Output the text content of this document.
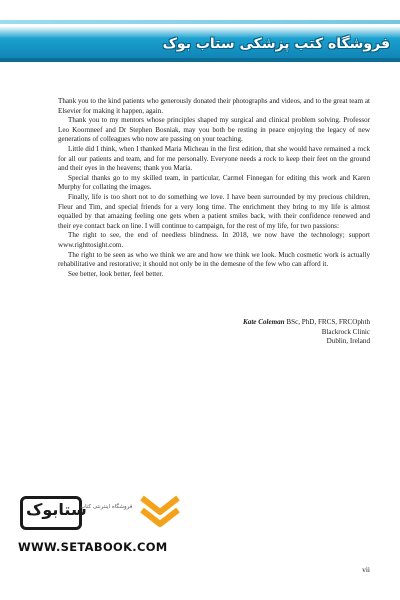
فروشگاه کتب پزشکی ستاب بوک

Thank you to the kind patients who generously donated their photographs and videos, and to the great team at Elsevier for making it happen, again.

Thank you to my mentors whose principles shaped my surgical and clinical problem solving. Professor Leo Koornneef and Dr Stephen Bosniak, may you both be resting in peace enjoying the legacy of new generations of colleagues who now are passing on your teaching.

Little did I think, when I thanked Maria Micheau in the first edition, that she would have remained a rock for all our patients and team, and for me personally. Everyone needs a rock to keep their feet on the ground and their eyes in the heavens; thank you Maria.

Special thanks go to my skilled team, in particular, Carmel Finnegan for editing this work and Karen Murphy for collating the images.

Finally, life is too short not to do something we love. I have been surrounded by my precious children, Fleur and Tim, and special friends for a very long time. The enrichment they bring to my life is almost equalled by that amazing feeling one gets when a patient smiles back, with their confidence renewed and their eye contact back on line. I will continue to campaign, for the rest of my life, for two passions:

The right to see, the end of needless blindness. In 2018, we now have the technology; support www.righttosight.com.

The right to be seen as who we think we are and how we think we look. Much cosmetic work is actually rehabilitative and restorative; it should not only be in the demesne of the few who can afford it.

See better, look better, feel better.

Kate Coleman BSc, PhD, FRCS, FRCOphth
Blackrock Clinic
Dublin, Ireland
ستابوک
فروشگاه اینترنتی کتاب
WWW.SETABOOK.COM
vii
